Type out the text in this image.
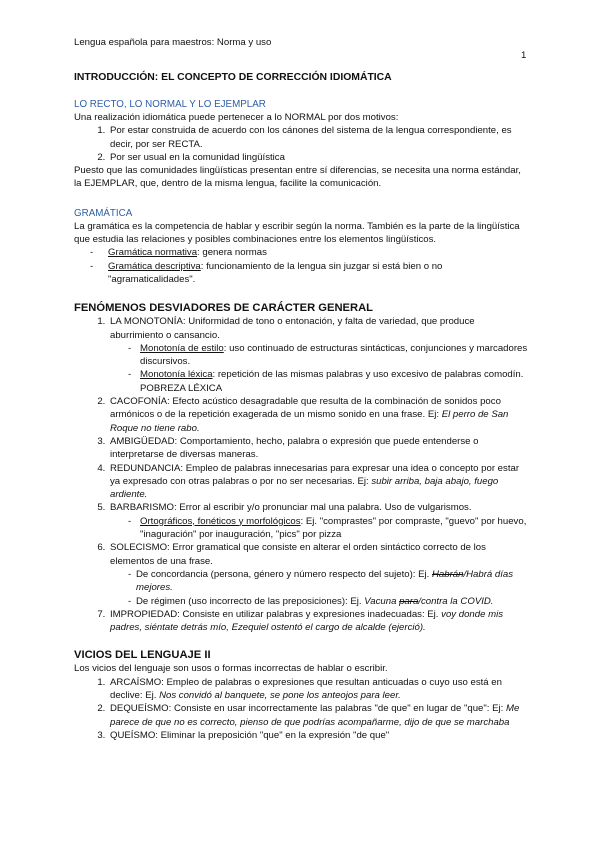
Lengua española para maestros: Norma y uso
1
INTRODUCCIÓN: EL CONCEPTO DE CORRECCIÓN IDIOMÁTICA
LO RECTO, LO NORMAL Y LO EJEMPLAR

Una realización idiomática puede pertenecer a lo NORMAL por dos motivos:

1. Por estar construida de acuerdo con los cánones del sistema de la lengua correspondiente, es decir, por ser RECTA.
2. Por ser usual en la comunidad lingüística

Puesto que las comunidades lingüísticas presentan entre sí diferencias, se necesita una norma estándar, la EJEMPLAR, que, dentro de la misma lengua, facilite la comunicación.

GRAMÁTICA

La gramática es la competencia de hablar y escribir según la norma. También es la parte de la lingüística que estudia las relaciones y posibles combinaciones entre los elementos lingüísticos.

- Gramática normativa: genera normas
- Gramática descriptiva: funcionamiento de la lengua sin juzgar si está bien o no "agramaticalidades".
FENÓMENOS DESVIADORES DE CARÁCTER GENERAL
1. LA MONOTONÍA: Uniformidad de tono o entonación, y falta de variedad, que produce aburrimiento o cansancio.
- Monotonía de estilo: uso continuado de estructuras sintácticas, conjunciones y marcadores discursivos.
- Monotonía léxica: repetición de las mismas palabras y uso excesivo de palabras comodín. POBREZA LÉXICA
2. CACOFONÍA: Efecto acústico desagradable que resulta de la combinación de sonidos poco armónicos o de la repetición exagerada de un mismo sonido en una frase. Ej: El perro de San Roque no tiene rabo.
3. AMBIGÜEDAD: Comportamiento, hecho, palabra o expresión que puede entenderse o interpretarse de diversas maneras.
4. REDUNDANCIA: Empleo de palabras innecesarias para expresar una idea o concepto por estar ya expresado con otras palabras o por no ser necesarias. Ej: subir arriba, baja abajo, fuego ardiente.
5. BARBARISMO: Error al escribir y/o pronunciar mal una palabra. Uso de vulgarismos.
- Ortográficos, fonéticos y morfológicos: Ej. "comprastes" por compraste, "guevo" por huevo, "inaguración" por inauguración, "pics" por pizza
6. SOLECISMO: Error gramatical que consiste en alterar el orden sintáctico correcto de los elementos de una frase.
- De concordancia (persona, género y número respecto del sujeto): Ej. Habrán/Habrá días mejores.
- De régimen (uso incorrecto de las preposiciones): Ej. Vacuna para/contra la COVID.
7. IMPROPIEDAD: Consiste en utilizar palabras y expresiones inadecuadas: Ej. voy donde mis padres, siéntate detrás mío, Ezequiel ostentó el cargo de alcalde (ejerció).
VICIOS DEL LENGUAJE II

Los vicios del lenguaje son usos o formas incorrectas de hablar o escribir.

1. ARCAÍSMO: Empleo de palabras o expresiones que resultan anticuadas o cuyo uso está en declive: Ej. Nos convidó al banquete, se pone los anteojos para leer.
2. DEQUEÍSMO: Consiste en usar incorrectamente las palabras "de que" en lugar de "que": Ej: Me parece de que no es correcto, pienso de que podrías acompañarme, dijo de que se marchaba
3. QUEÍSMO: Eliminar la preposición "que" en la expresión "de que"
